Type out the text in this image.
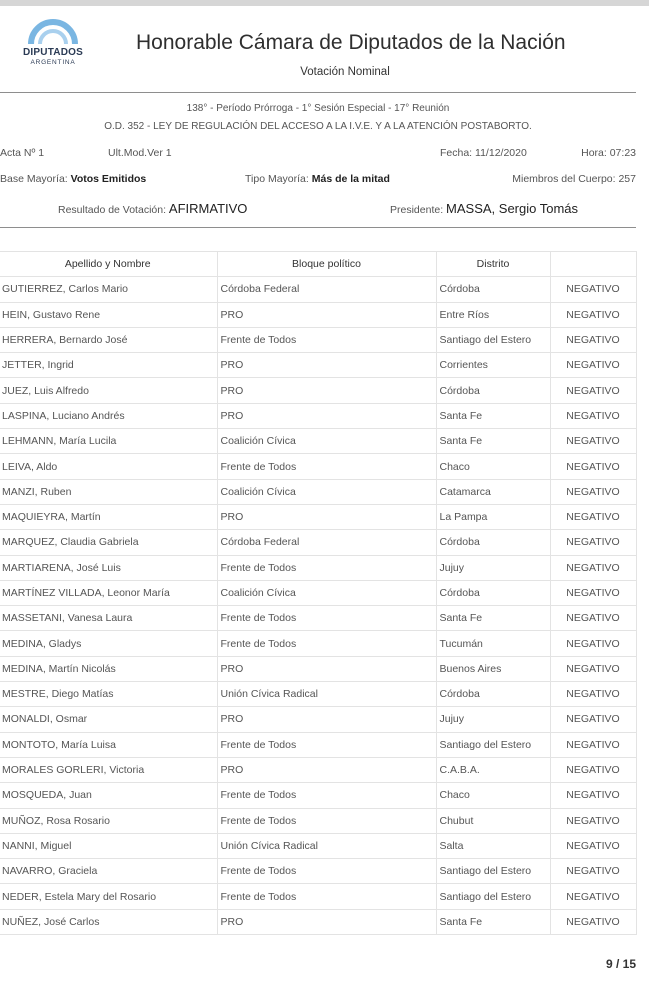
DIPUTADOS
ARGENTINA
Honorable Cámara de Diputados de la Nación
Votación Nominal
138° - Período Prórroga - 1° Sesión Especial - 17° Reunión
O.D. 352 - LEY DE REGULACIÓN DEL ACCESO A LA I.V.E. Y A LA ATENCIÓN POSTABORTO.
Acta Nº 1	Ult.Mod.Ver 1	Fecha: 11/12/2020	Hora: 07:23
Base Mayoría: Votos Emitidos	Tipo Mayoría: Más de la mitad	Miembros del Cuerpo: 257
Resultado de Votación: AFIRMATIVO	Presidente: MASSA, Sergio Tomás
Apellido y Nombre	Bloque político	Distrito	
GUTIERREZ, Carlos Mario	Córdoba Federal	Córdoba	NEGATIVO
HEIN, Gustavo Rene	PRO	Entre Ríos	NEGATIVO
HERRERA, Bernardo José	Frente de Todos	Santiago del Estero	NEGATIVO
JETTER, Ingrid	PRO	Corrientes	NEGATIVO
JUEZ, Luis Alfredo	PRO	Córdoba	NEGATIVO
LASPINA, Luciano Andrés	PRO	Santa Fe	NEGATIVO
LEHMANN, María Lucila	Coalición Cívica	Santa Fe	NEGATIVO
LEIVA, Aldo	Frente de Todos	Chaco	NEGATIVO
MANZI, Ruben	Coalición Cívica	Catamarca	NEGATIVO
MAQUIEYRA, Martín	PRO	La Pampa	NEGATIVO
MARQUEZ, Claudia Gabriela	Córdoba Federal	Córdoba	NEGATIVO
MARTIARENA, José Luis	Frente de Todos	Jujuy	NEGATIVO
MARTÍNEZ VILLADA, Leonor María	Coalición Cívica	Córdoba	NEGATIVO
MASSETANI, Vanesa Laura	Frente de Todos	Santa Fe	NEGATIVO
MEDINA, Gladys	Frente de Todos	Tucumán	NEGATIVO
MEDINA, Martín Nicolás	PRO	Buenos Aires	NEGATIVO
MESTRE, Diego Matías	Unión Cívica Radical	Córdoba	NEGATIVO
MONALDI, Osmar	PRO	Jujuy	NEGATIVO
MONTOTO, María Luisa	Frente de Todos	Santiago del Estero	NEGATIVO
MORALES GORLERI, Victoria	PRO	C.A.B.A.	NEGATIVO
MOSQUEDA, Juan	Frente de Todos	Chaco	NEGATIVO
MUÑOZ, Rosa Rosario	Frente de Todos	Chubut	NEGATIVO
NANNI, Miguel	Unión Cívica Radical	Salta	NEGATIVO
NAVARRO, Graciela	Frente de Todos	Santiago del Estero	NEGATIVO
NEDER, Estela Mary del Rosario	Frente de Todos	Santiago del Estero	NEGATIVO
NUÑEZ, José Carlos	PRO	Santa Fe	NEGATIVO
9 / 15
